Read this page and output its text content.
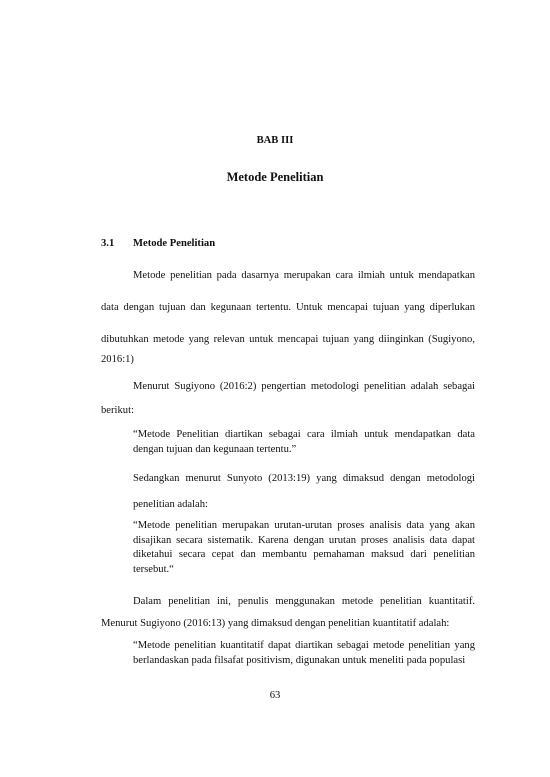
BAB III
Metode Penelitian
3.1 Metode Penelitian
Metode penelitian pada dasarnya merupakan cara ilmiah untuk mendapatkan
data dengan tujuan dan kegunaan tertentu. Untuk mencapai tujuan yang diperlukan
dibutuhkan metode yang relevan untuk mencapai tujuan yang diinginkan (Sugiyono,
2016:1)
Menurut Sugiyono (2016:2) pengertian metodologi penelitian adalah sebagai
berikut:
“Metode Penelitian diartikan sebagai cara ilmiah untuk mendapatkan data dengan tujuan dan kegunaan tertentu.”
Sedangkan menurut Sunyoto (2013:19) yang dimaksud dengan metodologi
penelitian adalah:
“Metode penelitian merupakan urutan-urutan proses analisis data yang akan disajikan secara sistematik. Karena dengan urutan proses analisis data dapat diketahui secara cepat dan membantu pemahaman maksud dari penelitian tersebut.“
Dalam penelitian ini, penulis menggunakan metode penelitian kuantitatif.
Menurut Sugiyono (2016:13) yang dimaksud dengan penelitian kuantitatif adalah:
“Metode penelitian kuantitatif dapat diartikan sebagai metode penelitian yang berlandaskan pada filsafat positivism, digunakan untuk meneliti pada populasi
63
